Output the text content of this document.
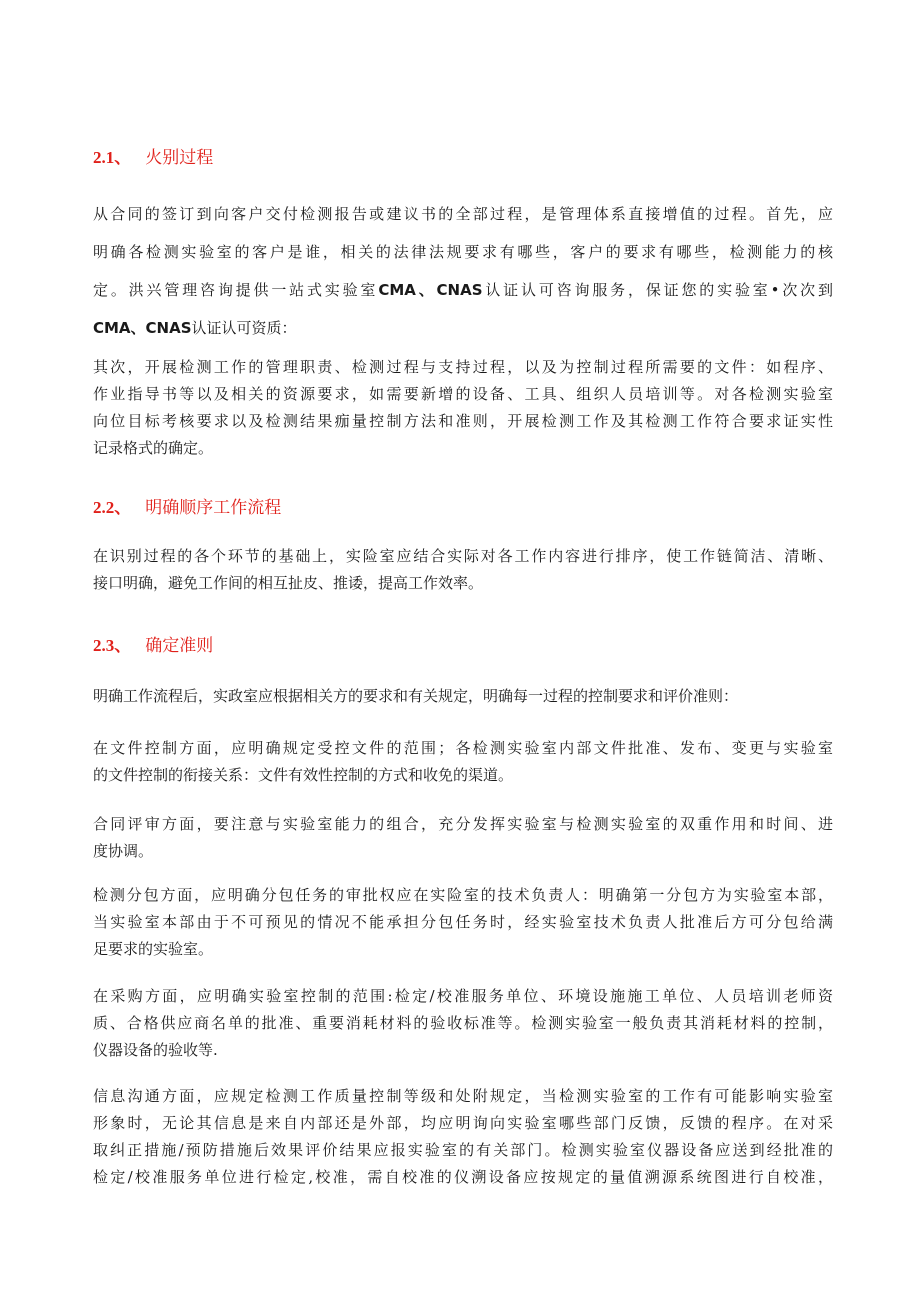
2.1、 火别过程
从合同的签订到向客户交付检测报告或建议书的全部过程，是管理体系直接增值的过程。首先，应
明确各检测实验室的客户是谁，相关的法律法规要求有哪些，客户的要求有哪些，检测能力的核
定。洪兴管理咨询提供一站式实验室CMA、CNAS认证认可咨询服务，保证您的实验室•次次到
CMA、CNAS认证认可资质：
其次，开展检测工作的管理职责、检测过程与支持过程，以及为控制过程所需要的文件：如程序、
作业指导书等以及相关的资源要求，如需要新增的设备、工具、组织人员培训等。对各检测实验室
向位目标考核要求以及检测结果痂量控制方法和准则，开展检测工作及其检测工作符合要求证实性
记录格式的确定。
2.2、 明确顺序工作流程
在识别过程的各个环节的基础上，实险室应结合实际对各工作内容进行排序，使工作链简洁、清晰、
接口明确，避免工作间的相互扯皮、推诿，提高工作效率。
2.3、 确定准则
明确工作流程后，实政室应根据相关方的要求和有关规定，明确每一过程的控制要求和评价准则：
在文件控制方面，应明确规定受控文件的范围；各检测实验室内部文件批准、发布、变更与实验室
的文件控制的衔接关系：文件有效性控制的方式和收免的渠道。
合同评审方面，要注意与实验室能力的组合，充分发挥实验室与检测实验室的双重作用和时间、进
度协调。
检测分包方面，应明确分包任务的审批权应在实险室的技术负责人：明确第一分包方为实验室本部，
当实验室本部由于不可预见的情况不能承担分包任务时，经实验室技术负责人批准后方可分包给满
足要求的实验室。
在采购方面，应明确实验室控制的范围:检定/校准服务单位、环境设施施工单位、人员培训老师资
质、合格供应商名单的批准、重要消耗材料的验收标准等。检测实验室一般负责其消耗材料的控制，
仪器设备的验收等.
信息沟通方面，应规定检测工作质量控制等级和处附规定，当检测实验室的工作有可能影响实验室
形象时，无论其信息是来自内部还是外部，均应明询向实验室哪些部门反馈，反馈的程序。在对采
取纠正措施/预防措施后效果评价结果应报实验室的有关部门。检测实验室仪器设备应送到经批准的
检定/校准服务单位进行检定,校准，需自校准的仪溯设备应按规定的量值溯源系统图进行自校准，
